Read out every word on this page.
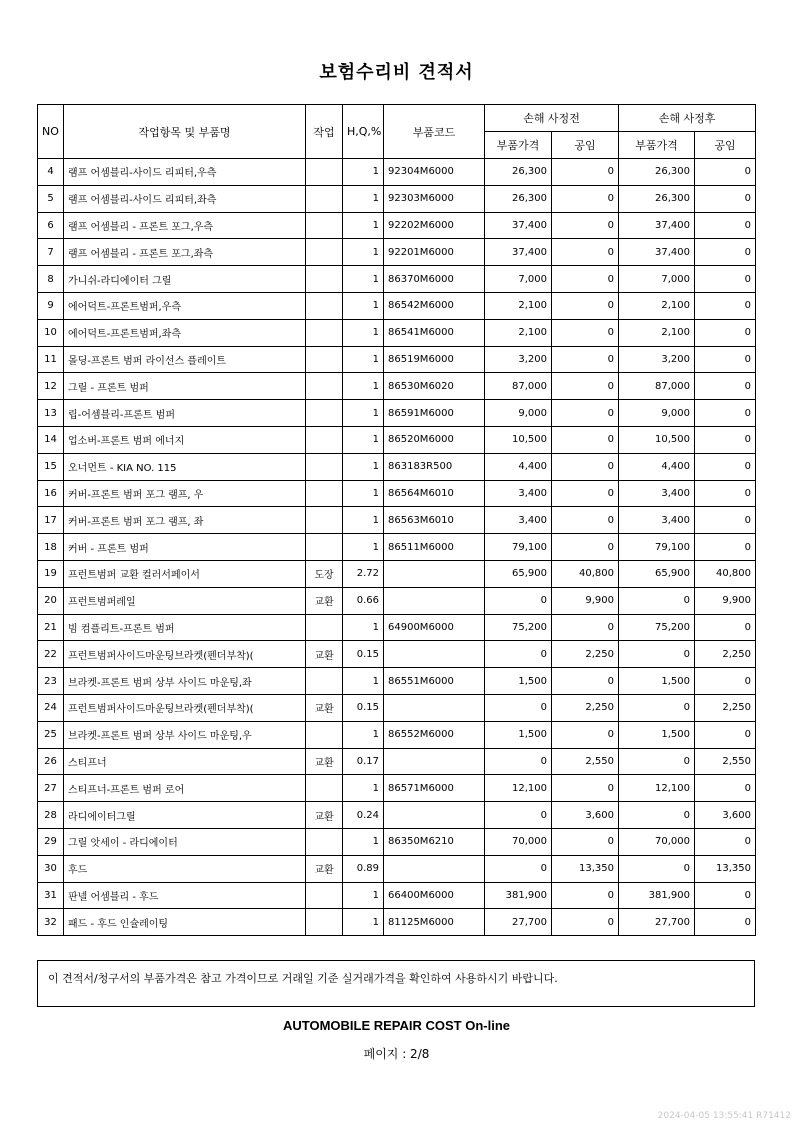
보험수리비 견적서
NO	작업항목 및 부품명	작업	H,Q,%	부품코드	손해 사정전		손해 사정후	
					부품가격	공임	부품가격	공임
4	램프 어셈블리-사이드 리피터,우측		1	92304M6000	26,300	0	26,300	0
5	램프 어셈블리-사이드 리피터,좌측		1	92303M6000	26,300	0	26,300	0
6	램프 어셈블리 - 프론트 포그,우측		1	92202M6000	37,400	0	37,400	0
7	램프 어셈블리 - 프론트 포그,좌측		1	92201M6000	37,400	0	37,400	0
8	가니쉬-라디에이터 그릴		1	86370M6000	7,000	0	7,000	0
9	에어덕트-프론트범퍼,우측		1	86542M6000	2,100	0	2,100	0
10	에어덕트-프론트범퍼,좌측		1	86541M6000	2,100	0	2,100	0
11	몰딩-프론트 범퍼 라이선스 플레이트		1	86519M6000	3,200	0	3,200	0
12	그릴 - 프론트 범퍼		1	86530M6020	87,000	0	87,000	0
13	립-어셈블리-프론트 범퍼		1	86591M6000	9,000	0	9,000	0
14	업소버-프론트 범퍼 에너지		1	86520M6000	10,500	0	10,500	0
15	오너먼트 - KIA NO. 115		1	863183R500	4,400	0	4,400	0
16	커버-프론트 범퍼 포그 램프, 우		1	86564M6010	3,400	0	3,400	0
17	커버-프론트 범퍼 포그 램프, 좌		1	86563M6010	3,400	0	3,400	0
18	커버 - 프론트 범퍼		1	86511M6000	79,100	0	79,100	0
19	프런트범퍼 교환 컬러서페이서	도장	2.72		65,900	40,800	65,900	40,800
20	프런트범퍼레일	교환	0.66		0	9,900	0	9,900
21	빔 컴플리트-프론트 범퍼		1	64900M6000	75,200	0	75,200	0
22	프런트범퍼사이드마운팅브라켓(펜더부착)(	교환	0.15		0	2,250	0	2,250
23	브라켓-프론트 범퍼 상부 사이드 마운팅,좌		1	86551M6000	1,500	0	1,500	0
24	프런트범퍼사이드마운팅브라켓(펜더부착)(	교환	0.15		0	2,250	0	2,250
25	브라켓-프론트 범퍼 상부 사이드 마운팅,우		1	86552M6000	1,500	0	1,500	0
26	스티프너	교환	0.17		0	2,550	0	2,550
27	스티프너-프론트 범퍼 로어		1	86571M6000	12,100	0	12,100	0
28	라디에이터그릴	교환	0.24		0	3,600	0	3,600
29	그릴 앗세이 - 라디에이터		1	86350M6210	70,000	0	70,000	0
30	후드	교환	0.89		0	13,350	0	13,350
31	판넬 어셈블리 - 후드		1	66400M6000	381,900	0	381,900	0
32	패드 - 후드 인슐레이팅		1	81125M6000	27,700	0	27,700	0
이 견적서/청구서의 부품가격은 참고 가격이므로 거래일 기준 실거래가격을 확인하여 사용하시기 바랍니다.
AUTOMOBILE REPAIR COST On-line
페이지 : 2/8
2024-04-05 13:55:41 R71412
